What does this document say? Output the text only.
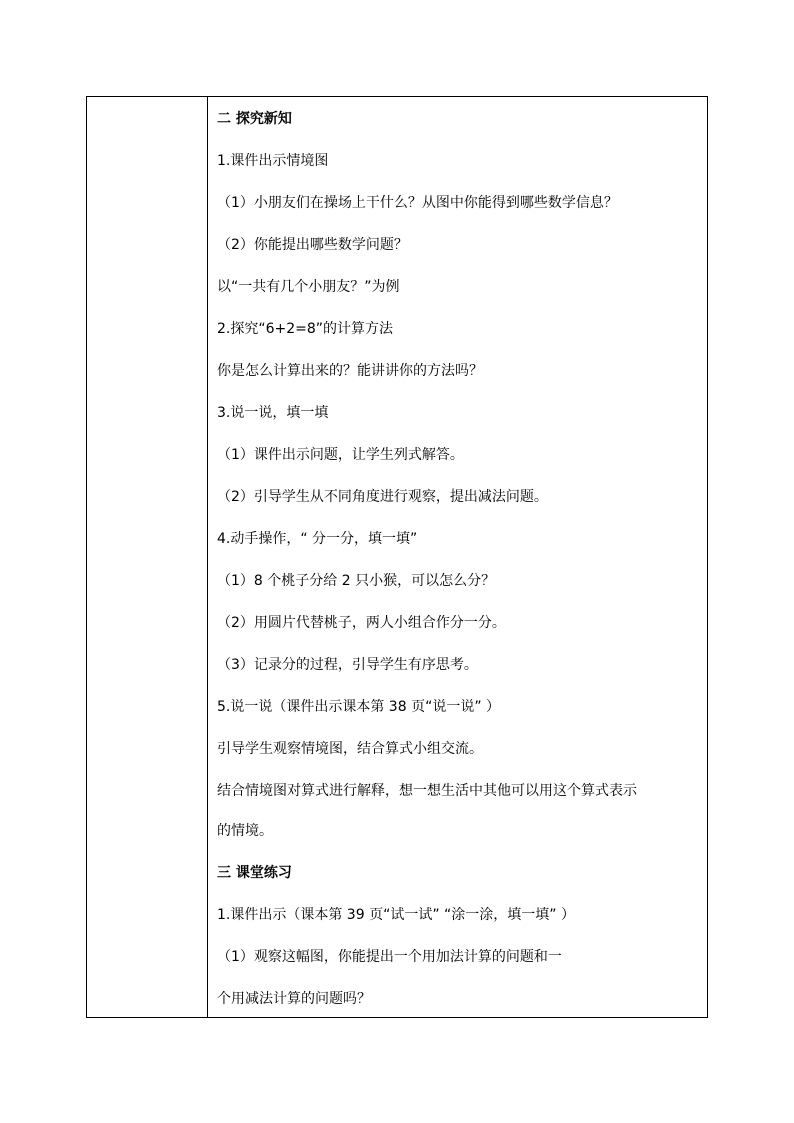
二 探究新知
1.课件出示情境图
（1）小朋友们在操场上干什么？从图中你能得到哪些数学信息？
（2）你能提出哪些数学问题？
以“一共有几个小朋友？”为例
2.探究“6+2=8”的计算方法
你是怎么计算出来的？能讲讲你的方法吗？
3.说一说，填一填
（1）课件出示问题，让学生列式解答。
（2）引导学生从不同角度进行观察，提出减法问题。
4.动手操作，“ 分一分，填一填”
（1）8 个桃子分给 2 只小猴，可以怎么分？
（2）用圆片代替桃子，两人小组合作分一分。
（3）记录分的过程，引导学生有序思考。
5.说一说（课件出示课本第 38 页“说一说” ）
引导学生观察情境图，结合算式小组交流。
结合情境图对算式进行解释，想一想生活中其他可以用这个算式表示
的情境。
三 课堂练习
1.课件出示（课本第 39 页“试一试” “涂一涂，填一填” ）
（1）观察这幅图，你能提出一个用加法计算的问题和一
个用减法计算的问题吗？
